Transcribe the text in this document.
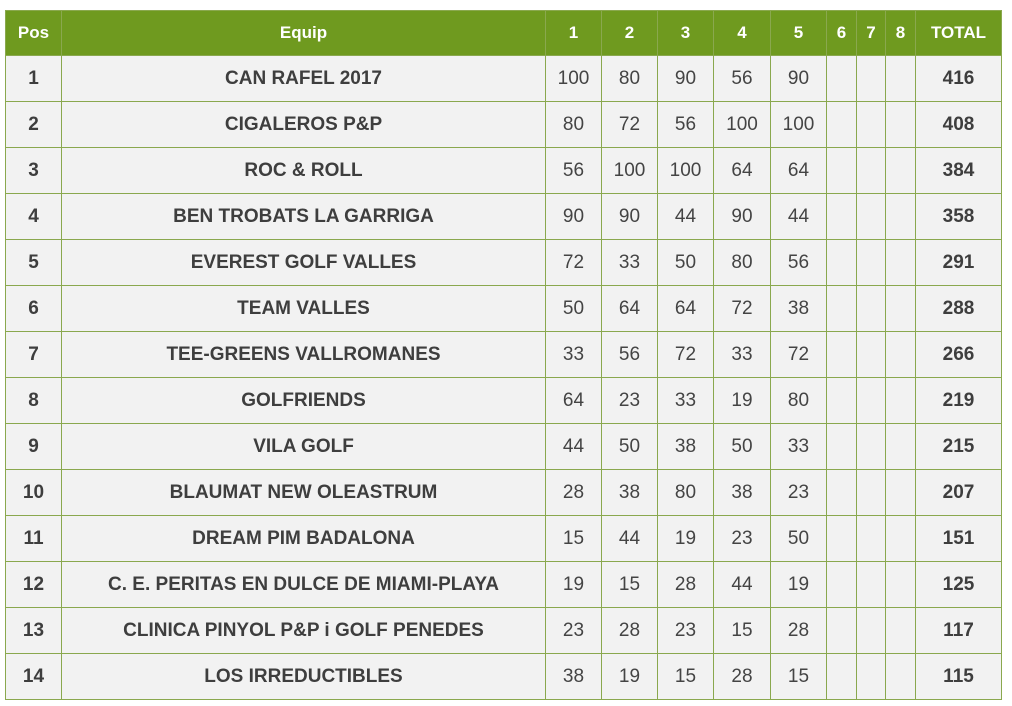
Pos	Equip	1	2	3	4	5	6	7	8	TOTAL
1	CAN RAFEL 2017	100	80	90	56	90				416
2	CIGALEROS P&P	80	72	56	100	100				408
3	ROC & ROLL	56	100	100	64	64				384
4	BEN TROBATS LA GARRIGA	90	90	44	90	44				358
5	EVEREST GOLF VALLES	72	33	50	80	56				291
6	TEAM VALLES	50	64	64	72	38				288
7	TEE-GREENS VALLROMANES	33	56	72	33	72				266
8	GOLFRIENDS	64	23	33	19	80				219
9	VILA GOLF	44	50	38	50	33				215
10	BLAUMAT NEW OLEASTRUM	28	38	80	38	23				207
11	DREAM PIM BADALONA	15	44	19	23	50				151
12	C. E. PERITAS EN DULCE DE MIAMI-PLAYA	19	15	28	44	19				125
13	CLINICA PINYOL P&P i GOLF PENEDES	23	28	23	15	28				117
14	LOS IRREDUCTIBLES	38	19	15	28	15				115
